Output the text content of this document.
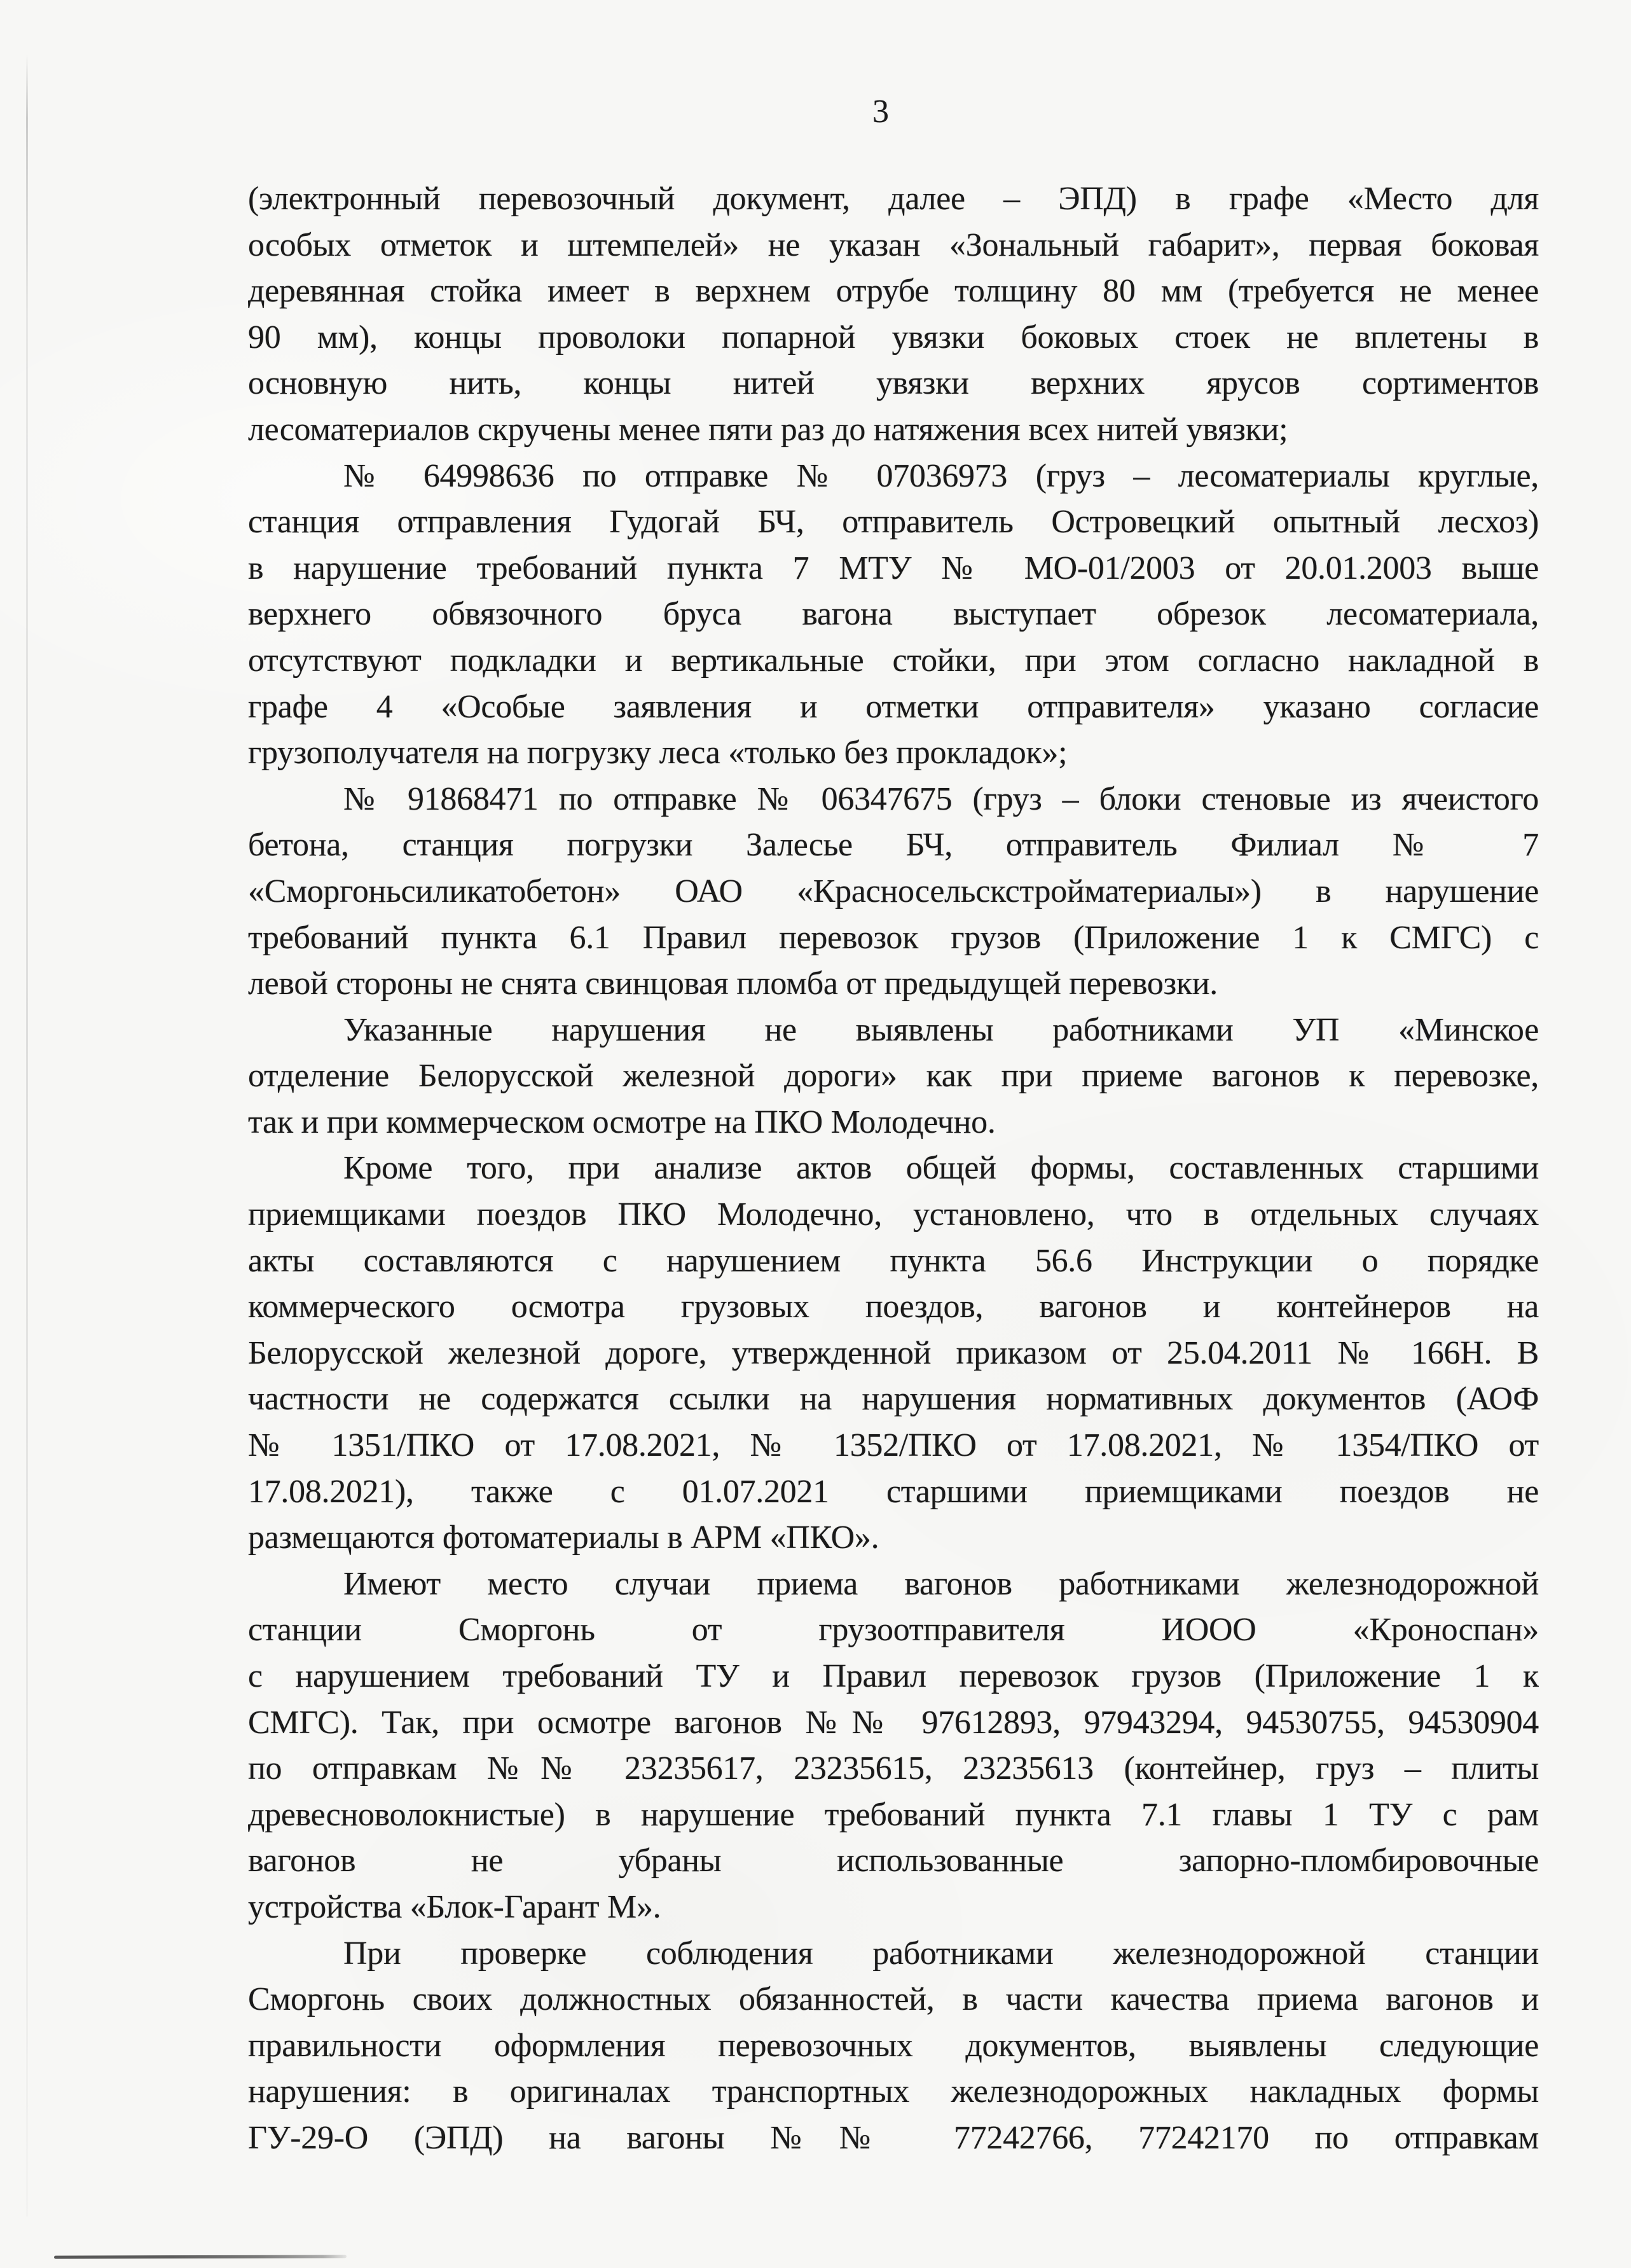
3
(электронный перевозочный документ, далее – ЭПД) в графе «Место для
особых отметок и штемпелей» не указан «Зональный габарит», первая боковая
деревянная стойка имеет в верхнем отрубе толщину 80 мм (требуется не менее
90 мм), концы проволоки попарной увязки боковых стоек не вплетены в
основную нить, концы нитей увязки верхних ярусов сортиментов
лесоматериалов скручены менее пяти раз до натяжения всех нитей увязки;
№ 64998636 по отправке № 07036973 (груз – лесоматериалы круглые,
станция отправления Гудогай БЧ, отправитель Островецкий опытный лесхоз)
в нарушение требований пункта 7 МТУ № МО-01/2003 от 20.01.2003 выше
верхнего обвязочного бруса вагона выступает обрезок лесоматериала,
отсутствуют подкладки и вертикальные стойки, при этом согласно накладной в
графе 4 «Особые заявления и отметки отправителя» указано согласие
грузополучателя на погрузку леса «только без прокладок»;
№ 91868471 по отправке № 06347675 (груз – блоки стеновые из ячеистого
бетона, станция погрузки Залесье БЧ, отправитель Филиал № 7
«Сморгоньсиликатобетон» ОАО «Красносельскстройматериалы») в нарушение
требований пункта 6.1 Правил перевозок грузов (Приложение 1 к СМГС) с
левой стороны не снята свинцовая пломба от предыдущей перевозки.
Указанные нарушения не выявлены работниками УП «Минское
отделение Белорусской железной дороги» как при приеме вагонов к перевозке,
так и при коммерческом осмотре на ПКО Молодечно.
Кроме того, при анализе актов общей формы, составленных старшими
приемщиками поездов ПКО Молодечно, установлено, что в отдельных случаях
акты составляются с нарушением пункта 56.6 Инструкции о порядке
коммерческого осмотра грузовых поездов, вагонов и контейнеров на
Белорусской железной дороге, утвержденной приказом от 25.04.2011 № 166Н. В
частности не содержатся ссылки на нарушения нормативных документов (АОФ
№ 1351/ПКО от 17.08.2021, № 1352/ПКО от 17.08.2021, № 1354/ПКО от
17.08.2021), также с 01.07.2021 старшими приемщиками поездов не
размещаются фотоматериалы в АРМ «ПКО».
Имеют место случаи приема вагонов работниками железнодорожной
станции Сморгонь от грузоотправителя ИООО «Кроноспан»
с нарушением требований ТУ и Правил перевозок грузов (Приложение 1 к
СМГС). Так, при осмотре вагонов №№ 97612893, 97943294, 94530755, 94530904
по отправкам №№ 23235617, 23235615, 23235613 (контейнер, груз – плиты
древесноволокнистые) в нарушение требований пункта 7.1 главы 1 ТУ с рам
вагонов не убраны использованные запорно-пломбировочные
устройства «Блок-Гарант М».
При проверке соблюдения работниками железнодорожной станции
Сморгонь своих должностных обязанностей, в части качества приема вагонов и
правильности оформления перевозочных документов, выявлены следующие
нарушения: в оригиналах транспортных железнодорожных накладных формы
ГУ-29-О (ЭПД) на вагоны №№ 77242766, 77242170 по отправкам
